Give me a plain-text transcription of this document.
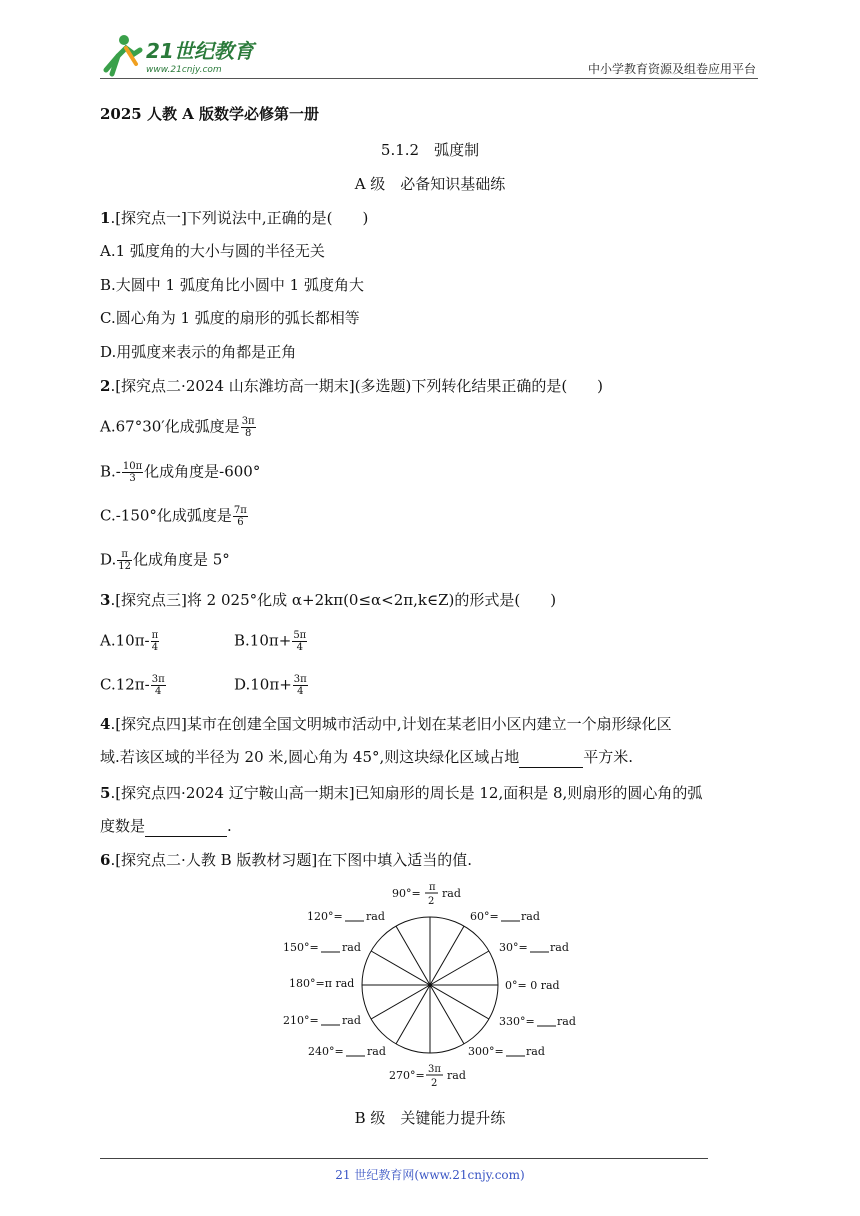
21世纪教育
www.21cnjy.com	中小学教育资源及组卷应用平台
2025 人教 A 版数学必修第一册
5.1.2　弧度制
A 级　必备知识基础练
1.[探究点一]下列说法中,正确的是(　　)
A.1 弧度角的大小与圆的半径无关
B.大圆中 1 弧度角比小圆中 1 弧度角大
C.圆心角为 1 弧度的扇形的弧长都相等
D.用弧度来表示的角都是正角
2.[探究点二·2024 山东潍坊高一期末](多选题)下列转化结果正确的是(　　)
A.67°30′化成弧度是 $\frac{3\pi}{8}$
$B.- \frac{10\pi}{3}$ 化成角度是-600°
C.-150°化成弧度是 $\frac{7\pi}{6}$
D. $\frac{\pi}{12}$ 化成角度是 5°
3.[探究点三]将 2 025°化成 α+2kπ(0≤α<2π,k∈Z)的形式是(　　)
$A.10\pi- \frac{\pi}{4}$	$B.10\pi+ \frac{5\pi}{4}$
$C.12\pi- \frac{3\pi}{4}$	$D.10\pi+ \frac{3\pi}{4}$
4.[探究点四]某市在创建全国文明城市活动中,计划在某老旧小区内建立一个扇形绿化区
域.若该区域的半径为 20 米,圆心角为 45°,则这块绿化区域占地	平方米.
5.[探究点四·2024 辽宁鞍山高一期末]已知扇形的周长是 12,面积是 8,则扇形的圆心角的弧
度数是	.
6.[探究点二·人教 B 版教材习题]在下图中填入适当的值.
90°= π
2
rad
60°= rad
30°= rad
0°= 0 rad
330°= rad
300°= rad
270°= 3π
2
rad
240°= rad
210°= rad
180°=π rad
150°= rad
120°= rad
B 级　关键能力提升练
21 世纪教育网(www.21cnjy.com)
